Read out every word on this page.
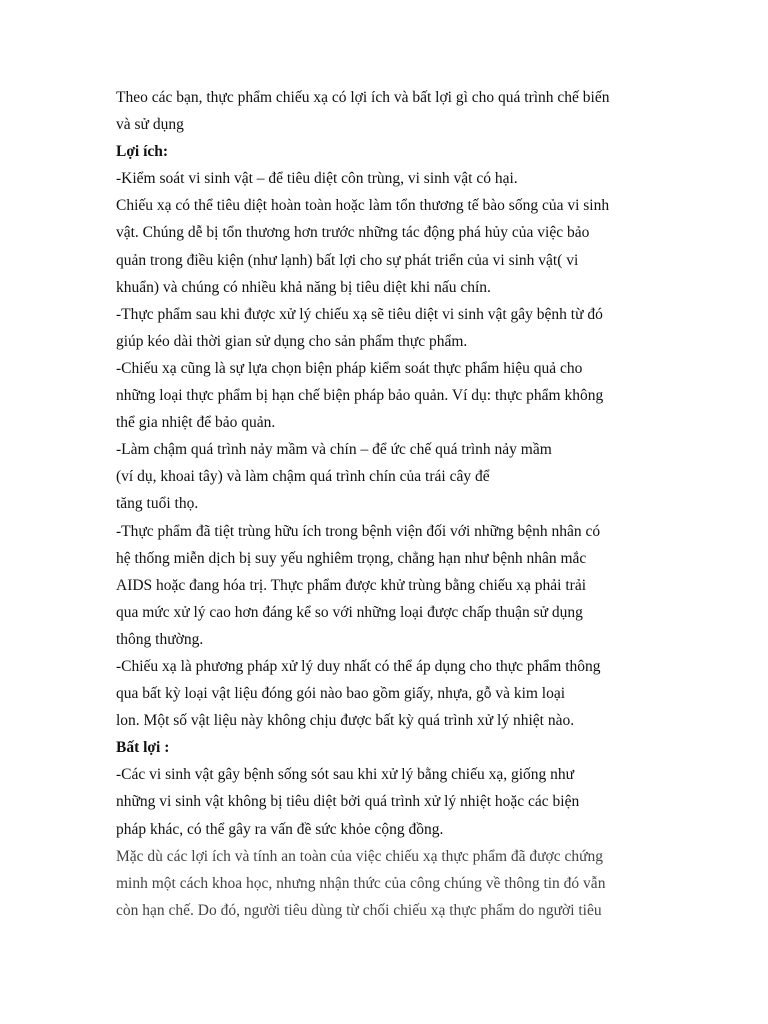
Theo các bạn, thực phẩm chiếu xạ có lợi ích và bất lợi gì cho quá trình chế biến
và sử dụng
Lợi ích:
-Kiểm soát vi sinh vật – để tiêu diệt côn trùng, vi sinh vật có hại.
Chiếu xạ có thể tiêu diệt hoàn toàn hoặc làm tổn thương tế bào sống của vi sinh
vật. Chúng dễ bị tổn thương hơn trước những tác động phá hủy của việc bảo
quản trong điều kiện (như lạnh) bất lợi cho sự phát triển của vi sinh vật( vi
khuẩn) và chúng có nhiều khả năng bị tiêu diệt khi nấu chín.
-Thực phẩm sau khi được xử lý chiếu xạ sẽ tiêu diệt vi sinh vật gây bệnh từ đó
giúp kéo dài thời gian sử dụng cho sản phẩm thực phẩm.
-Chiếu xạ cũng là sự lựa chọn biện pháp kiểm soát thực phẩm hiệu quả cho
những loại thực phẩm bị hạn chế biện pháp bảo quản. Ví dụ: thực phẩm không
thể gia nhiệt để bảo quản.
-Làm chậm quá trình nảy mầm và chín – để ức chế quá trình nảy mầm
(ví dụ, khoai tây) và làm chậm quá trình chín của trái cây để
tăng tuổi thọ.
-Thực phẩm đã tiệt trùng hữu ích trong bệnh viện đối với những bệnh nhân có
hệ thống miễn dịch bị suy yếu nghiêm trọng, chẳng hạn như bệnh nhân mắc
AIDS hoặc đang hóa trị. Thực phẩm được khử trùng bằng chiếu xạ phải trải
qua mức xử lý cao hơn đáng kể so với những loại được chấp thuận sử dụng
thông thường.
-Chiếu xạ là phương pháp xử lý duy nhất có thể áp dụng cho thực phẩm thông
qua bất kỳ loại vật liệu đóng gói nào bao gồm giấy, nhựa, gỗ và kim loại
lon. Một số vật liệu này không chịu được bất kỳ quá trình xử lý nhiệt nào.
Bất lợi :
-Các vi sinh vật gây bệnh sống sót sau khi xử lý bằng chiếu xạ, giống như
những vi sinh vật không bị tiêu diệt bởi quá trình xử lý nhiệt hoặc các biện
pháp khác, có thể gây ra vấn đề sức khỏe cộng đồng.
Mặc dù các lợi ích và tính an toàn của việc chiếu xạ thực phẩm đã được chứng
minh một cách khoa học, nhưng nhận thức của công chúng về thông tin đó vẫn
còn hạn chế. Do đó, người tiêu dùng từ chối chiếu xạ thực phẩm do người tiêu
